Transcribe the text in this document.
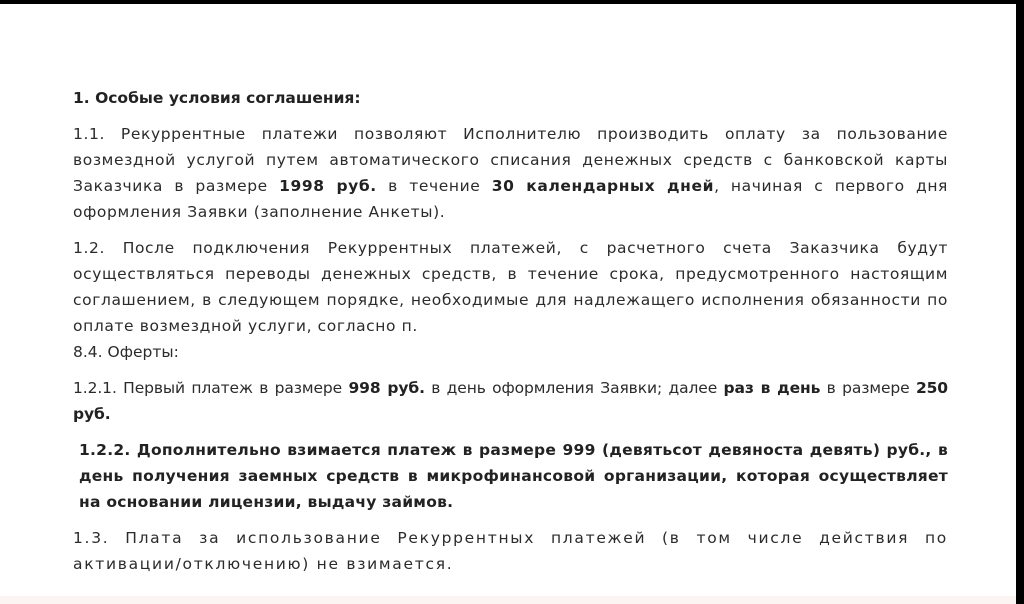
1. Особые условия соглашения:
1.1. Рекуррентные платежи позволяют Исполнителю производить оплату за пользование возмездной услугой путем автоматического списания денежных средств с банковской карты Заказчика в размере 1998 руб. в течение 30 календарных дней, начиная с первого дня оформления Заявки (заполнение Анкеты).
1.2. После подключения Рекуррентных платежей, с расчетного счета Заказчика будут осуществляться переводы денежных средств, в течение срока, предусмотренного настоящим соглашением, в следующем порядке, необходимые для надлежащего исполнения обязанности по оплате возмездной услуги, согласно п.
8.4. Оферты:
1.2.1. Первый платеж в размере 998 руб. в день оформления Заявки; далее раз в день в размере 250 руб.
1.2.2. Дополнительно взимается платеж в размере 999 (девятьсот девяноста девять) руб., в день получения заемных средств в микрофинансовой организации, которая осуществляет на основании лицензии, выдачу займов.
1.3. Плата за использование Рекуррентных платежей (в том числе действия по активации/отключению) не взимается.
